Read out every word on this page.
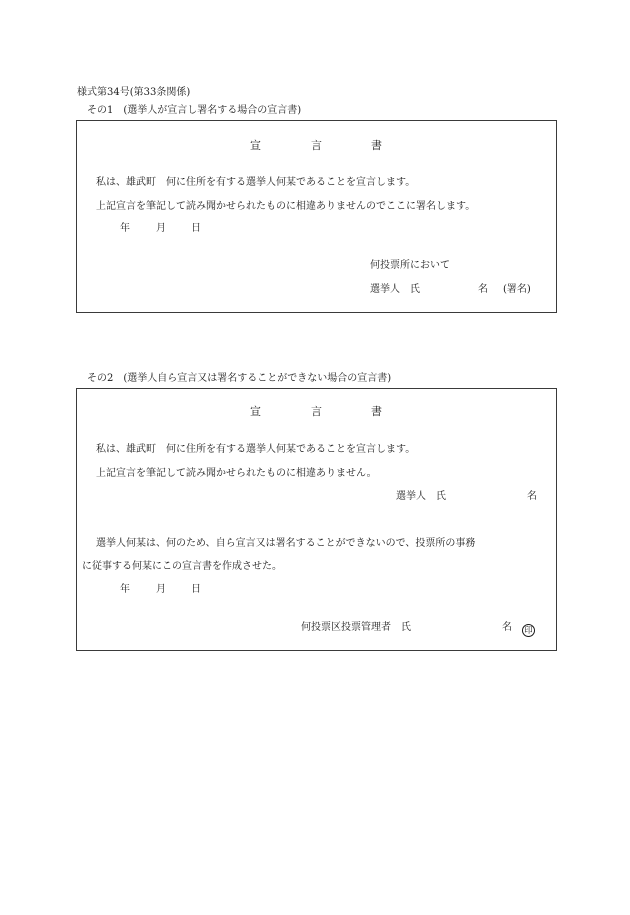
様式第34号(第33条関係)
その1　(選挙人が宣言し署名する場合の宣言書)
宣	言	書
私は、雄武町　何に住所を有する選挙人何某であることを宣言します。
上記宣言を筆記して読み聞かせられたものに相違ありませんのでここに署名します。
年	月	日
何投票所において
選挙人　氏	名 (署名)
その2　(選挙人自ら宣言又は署名することができない場合の宣言書)
宣	言	書
私は、雄武町　何に住所を有する選挙人何某であることを宣言します。
上記宣言を筆記して読み聞かせられたものに相違ありません。
選挙人　氏	名
選挙人何某は、何のため、自ら宣言又は署名することができないので、投票所の事務
に従事する何某にこの宣言書を作成させた。
年	月	日
何投票区投票管理者　氏	名 印
